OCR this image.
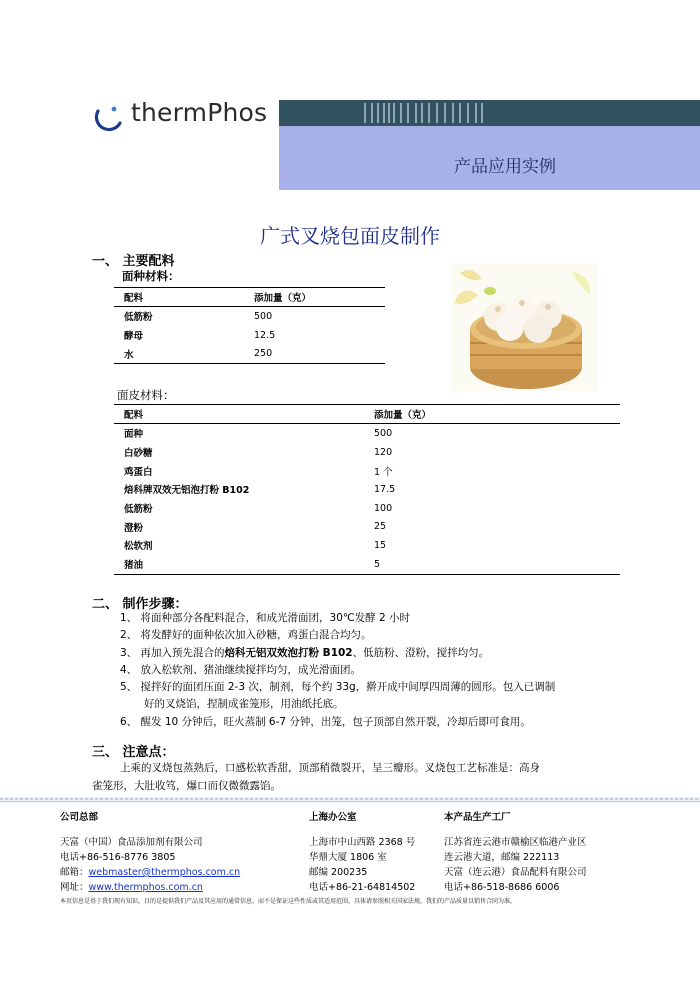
thermPhos
产品应用实例
广式叉烧包面皮制作
一、 主要配料
面种材料：
配料	添加量（克）
低筋粉	500
酵母	12.5
水	250
面皮材料：
配料	添加量（克）
面种	500
白砂糖	120
鸡蛋白	1 个
焙科牌双效无铝泡打粉 B102	17.5
低筋粉	100
澄粉	25
松软剂	15
猪油	5
二、 制作步骤：

1、 将面种部分各配料混合，和成光滑面团，30℃发酵 2 小时

2、 将发酵好的面种依次加入砂糖，鸡蛋白混合均匀。

3、 再加入预先混合的焙科无铝双效泡打粉 B102、低筋粉、澄粉，搅拌均匀。

4、 放入松软剂、猪油继续搅拌均匀，成光滑面团。

5、 搅拌好的面团压面 2-3 次，制剂，每个约 33g，擀开成中间厚四周薄的圆形。包入已调制

好的叉烧馅，捏制成雀笼形，用油纸托底。

6、 醒发 10 分钟后，旺火蒸制 6-7 分钟，出笼，包子顶部自然开裂，冷却后即可食用。

三、 注意点：

上乘的叉烧包蒸熟后，口感松软香甜，顶部稍微裂开，呈三瓣形。叉烧包工艺标准是：高身

雀笼形，大肚收笃，爆口而仅微微露馅。

公司总部
天富（中国）食品添加剂有限公司
电话+86-516-8776 3805
邮箱：webmaster@thermphos.com.cn
网址：www.thermphos.com.cn
上海办公室
上海市中山西路 2368 号
华鼎大厦 1806 室
邮编 200235
电话+86-21-64814502
本产品生产工厂
江苏省连云港市赣榆区临港产业区
连云港大道，邮编 222113
天富（连云港）食品配料有限公司
电话+86-518-8686 6006
本页信息是基于我们现有知识，目的是提供我们产品及其应用的通常信息，而不是保证这些性质或其适用范围，具体请参照相关国家法规。我们的产品质量以销售合同为准。
